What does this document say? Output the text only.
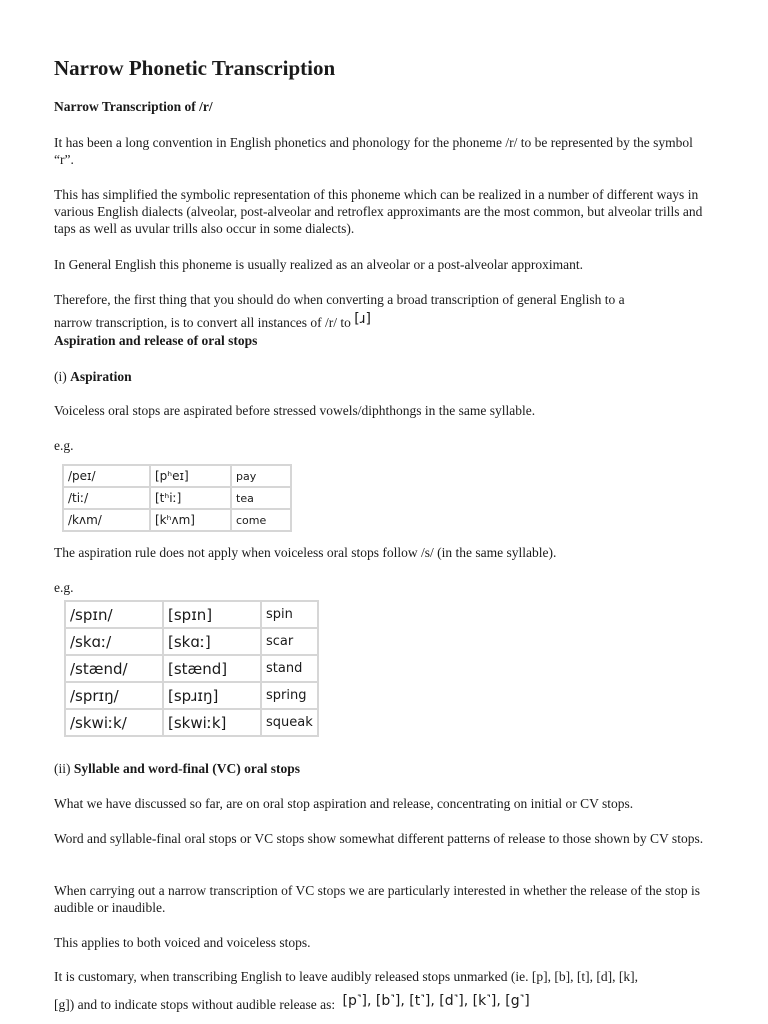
Narrow Phonetic Transcription
Narrow Transcription of /r/
It has been a long convention in English phonetics and phonology for the phoneme /r/ to be represented by the symbol “r”.
This has simplified the symbolic representation of this phoneme which can be realized in a number of different ways in various English dialects (alveolar, post-alveolar and retroflex approximants are the most common, but alveolar trills and taps as well as uvular trills also occur in some dialects).
In General English this phoneme is usually realized as an alveolar or a post-alveolar approximant.
Therefore, the first thing that you should do when converting a broad transcription of general English to a
narrow transcription, is to convert all instances of /r/ to [ɹ]
Aspiration and release of oral stops
(i) Aspiration
Voiceless oral stops are aspirated before stressed vowels/diphthongs in the same syllable.
e.g.
/peɪ/	[pʰeɪ]	pay
/tiː/	[tʰiː]	tea
/kʌm/	[kʰʌm]	come
The aspiration rule does not apply when voiceless oral stops follow /s/ (in the same syllable).
e.g.
/spɪn/	[spɪn]	spin
/skɑː/	[skɑː]	scar
/stænd/	[stænd]	stand
/sprɪŋ/	[spɹɪŋ]	spring
/skwiːk/	[skwiːk]	squeak
(ii) Syllable and word-final (VC) oral stops
What we have discussed so far, are on oral stop aspiration and release, concentrating on initial or CV stops.
Word and syllable-final oral stops or VC stops show somewhat different patterns of release to those shown by CV stops.
When carrying out a narrow transcription of VC stops we are particularly interested in whether the release of the stop is audible or inaudible.
This applies to both voiced and voiceless stops.
It is customary, when transcribing English to leave audibly released stops unmarked (ie. [p], [b], [t], [d], [k],
[g]) and to indicate stops without audible release as: [p˺], [b˺], [t˺], [d˺], [k˺], [g˺]
